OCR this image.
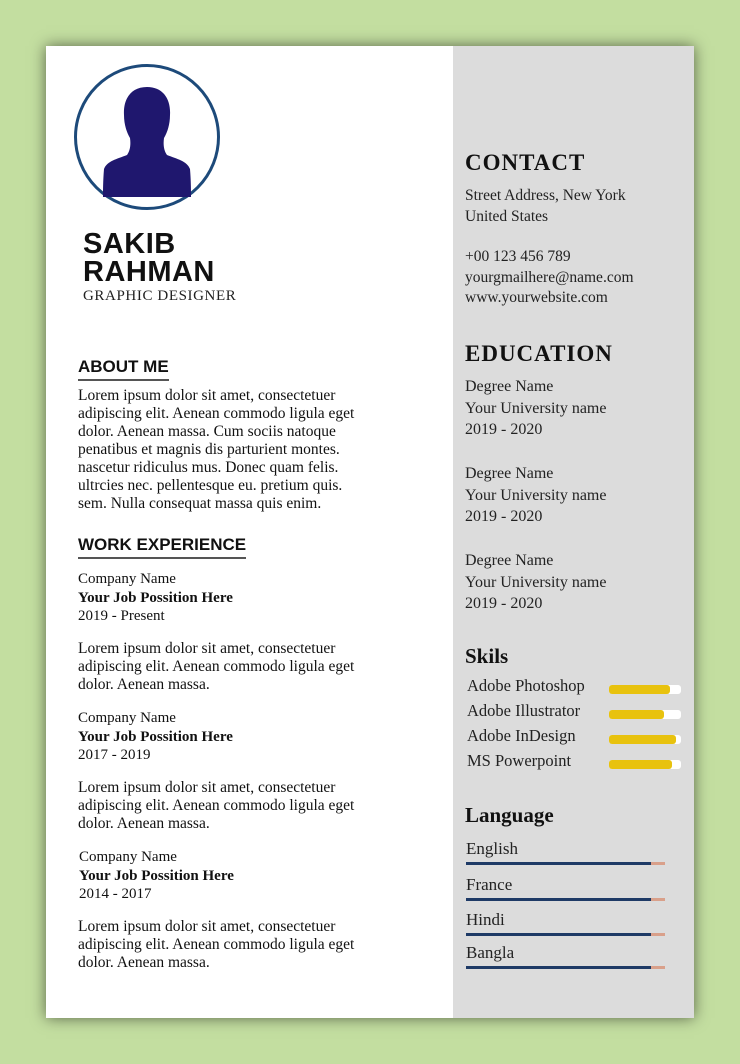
SAKIB
RAHMAN
GRAPHIC DESIGNER
ABOUT ME
Lorem ipsum dolor sit amet, consectetuer
adipiscing elit. Aenean commodo ligula eget
dolor. Aenean massa. Cum sociis natoque
penatibus et magnis dis parturient montes.
nascetur ridiculus mus. Donec quam felis.
ultrcies nec. pellentesque eu. pretium quis.
sem. Nulla consequat massa quis enim.
WORK EXPERIENCE
Company Name
Your Job Possition Here
2019 - Present
Lorem ipsum dolor sit amet, consectetuer
adipiscing elit. Aenean commodo ligula eget
dolor. Aenean massa.
Company Name
Your Job Possition Here
2017 - 2019
Lorem ipsum dolor sit amet, consectetuer
adipiscing elit. Aenean commodo ligula eget
dolor. Aenean massa.
Company Name
Your Job Possition Here
2014 - 2017
Lorem ipsum dolor sit amet, consectetuer
adipiscing elit. Aenean commodo ligula eget
dolor. Aenean massa.
CONTACT
Street Address, New York
United States
+00 123 456 789
yourgmailhere@name.com
www.yourwebsite.com
EDUCATION
Degree Name
Your University name
2019 - 2020
Degree Name
Your University name
2019 - 2020
Degree Name
Your University name
2019 - 2020
Skils
Adobe Photoshop
Adobe Illustrator
Adobe InDesign
MS Powerpoint
Language
English
France
Hindi
Bangla
